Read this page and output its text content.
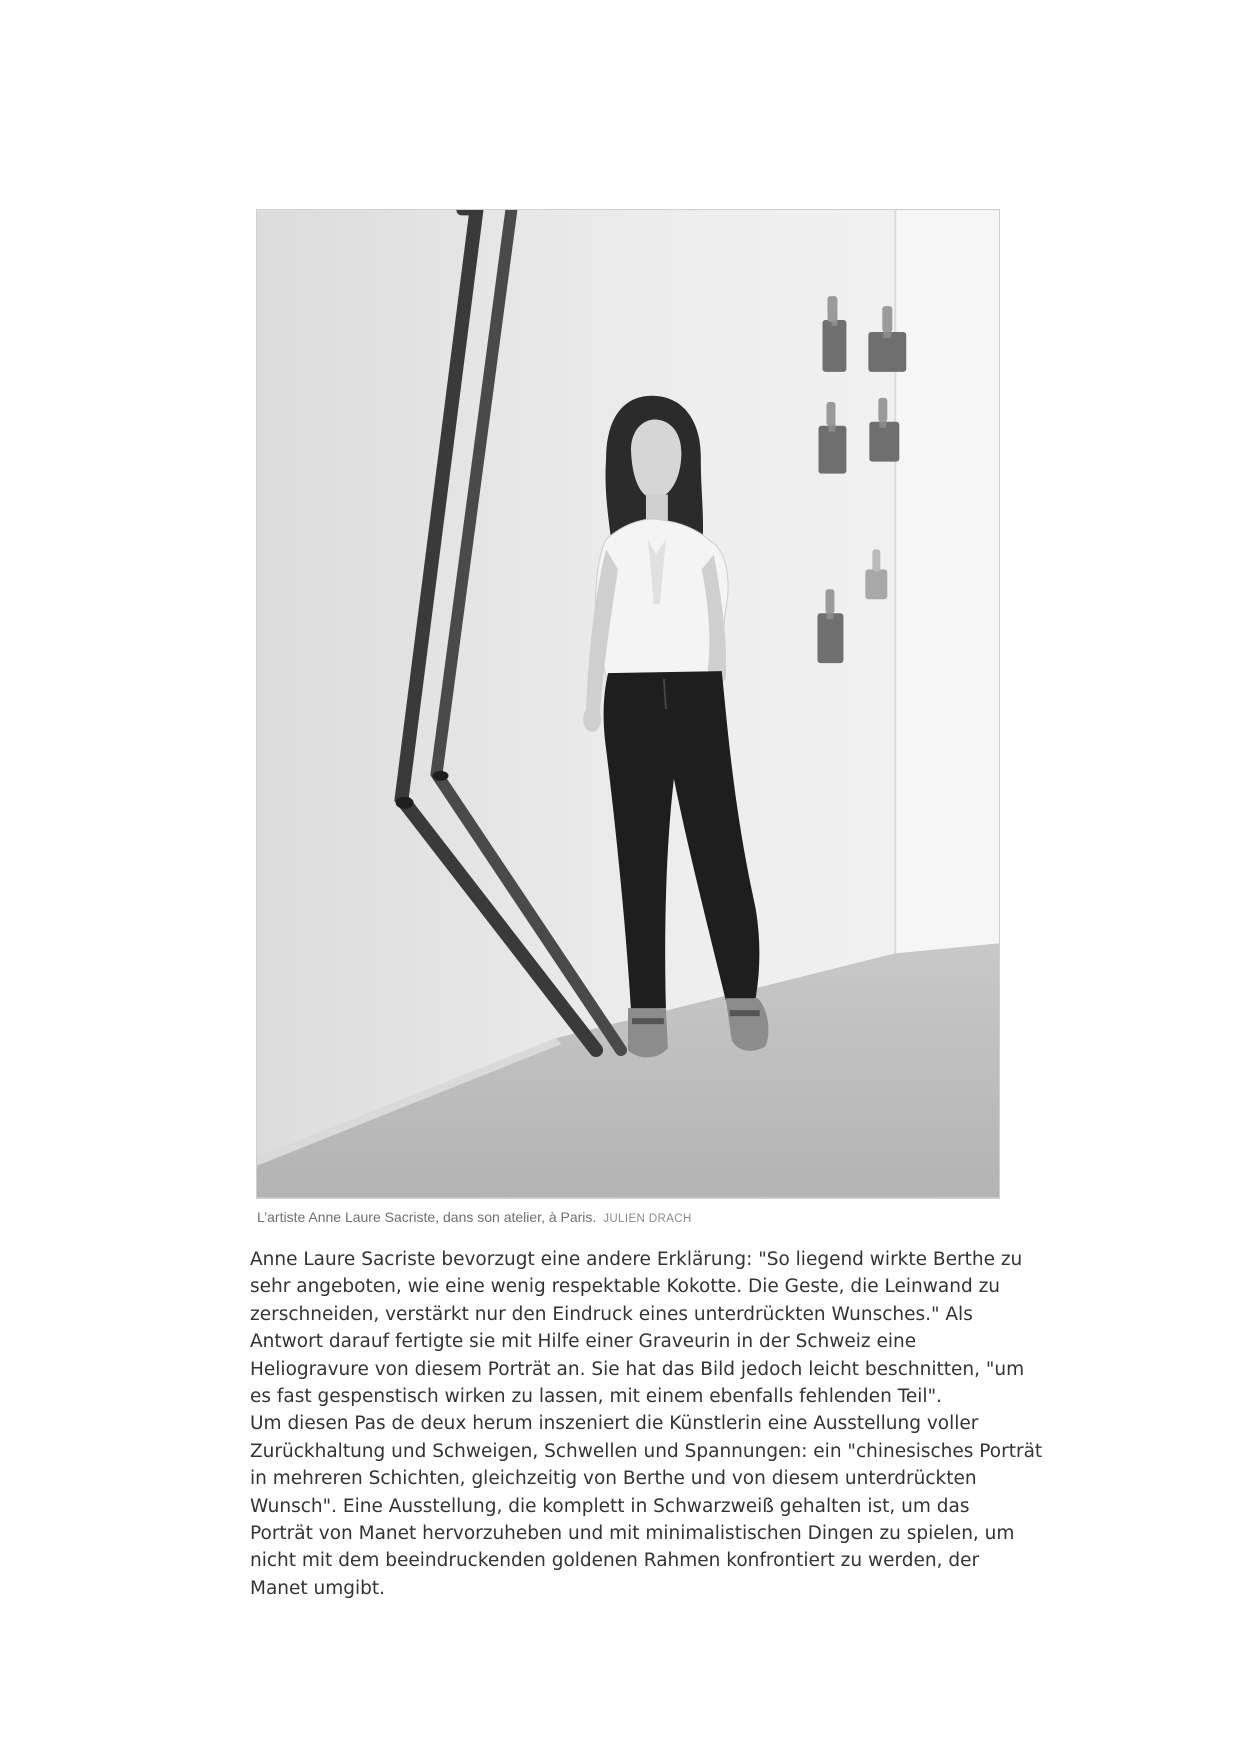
L’artiste Anne Laure Sacriste, dans son atelier, à Paris. JULIEN DRACH
Anne Laure Sacriste bevorzugt eine andere Erklärung: "So liegend wirkte Berthe zu
sehr angeboten, wie eine wenig respektable Kokotte. Die Geste, die Leinwand zu
zerschneiden, verstärkt nur den Eindruck eines unterdrückten Wunsches." Als
Antwort darauf fertigte sie mit Hilfe einer Graveurin in der Schweiz eine
Heliogravure von diesem Porträt an. Sie hat das Bild jedoch leicht beschnitten, "um
es fast gespenstisch wirken zu lassen, mit einem ebenfalls fehlenden Teil".
Um diesen Pas de deux herum inszeniert die Künstlerin eine Ausstellung voller
Zurückhaltung und Schweigen, Schwellen und Spannungen: ein "chinesisches Porträt
in mehreren Schichten, gleichzeitig von Berthe und von diesem unterdrückten
Wunsch". Eine Ausstellung, die komplett in Schwarzweiß gehalten ist, um das
Porträt von Manet hervorzuheben und mit minimalistischen Dingen zu spielen, um
nicht mit dem beeindruckenden goldenen Rahmen konfrontiert zu werden, der
Manet umgibt.
